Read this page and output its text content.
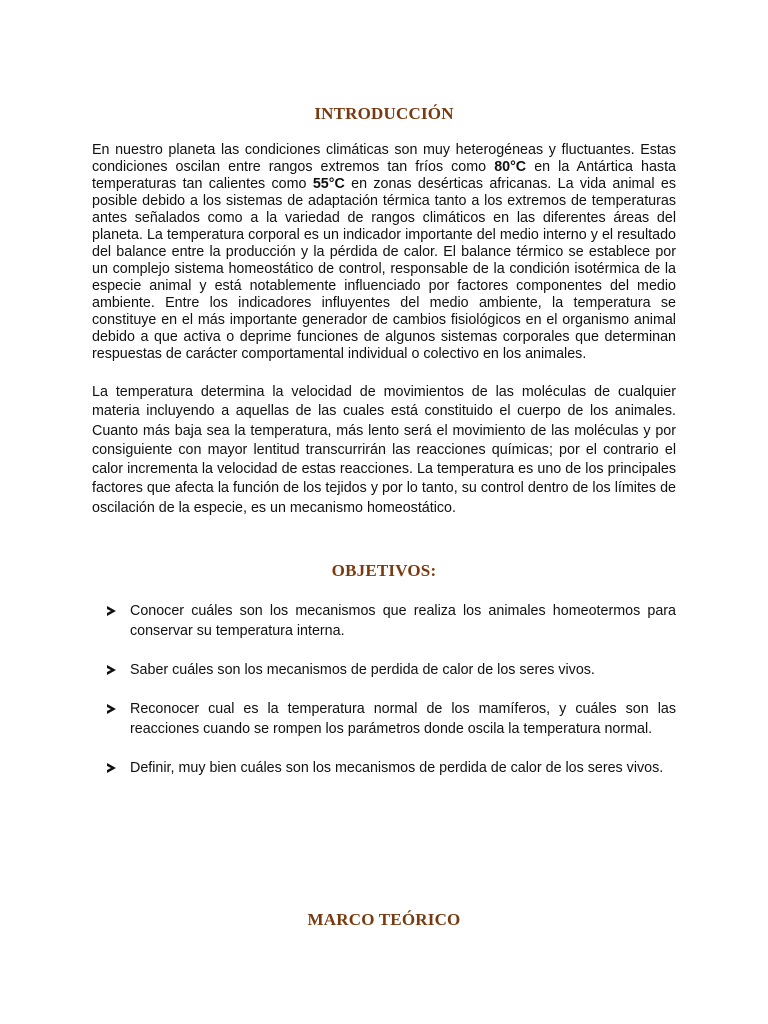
INTRODUCCIÓN

En nuestro planeta las condiciones climáticas son muy heterogéneas y fluctuantes. Estas condiciones oscilan entre rangos extremos tan fríos como 80°C en la Antártica hasta temperaturas tan calientes como 55°C en zonas desérticas africanas. La vida animal es posible debido a los sistemas de adaptación térmica tanto a los extremos de temperaturas antes señalados como a la variedad de rangos climáticos en las diferentes áreas del planeta. La temperatura corporal es un indicador importante del medio interno y el resultado del balance entre la producción y la pérdida de calor. El balance térmico se establece por un complejo sistema homeostático de control, responsable de la condición isotérmica de la especie animal y está notablemente influenciado por factores componentes del medio ambiente. Entre los indicadores influyentes del medio ambiente, la temperatura se constituye en el más importante generador de cambios fisiológicos en el organismo animal debido a que activa o deprime funciones de algunos sistemas corporales que determinan respuestas de carácter comportamental individual o colectivo en los animales.

La temperatura determina la velocidad de movimientos de las moléculas de cualquier materia incluyendo a aquellas de las cuales está constituido el cuerpo de los animales. Cuanto más baja sea la temperatura, más lento será el movimiento de las moléculas y por consiguiente con mayor lentitud transcurrirán las reacciones químicas; por el contrario el calor incrementa la velocidad de estas reacciones. La temperatura es uno de los principales factores que afecta la función de los tejidos y por lo tanto, su control dentro de los límites de oscilación de la especie, es un mecanismo homeostático.

OBJETIVOS:
Conocer cuáles son los mecanismos que realiza los animales homeotermos para conservar su temperatura interna.
Saber cuáles son los mecanismos de perdida de calor de los seres vivos.
Reconocer cual es la temperatura normal de los mamíferos, y cuáles son las reacciones cuando se rompen los parámetros donde oscila la temperatura normal.
Definir, muy bien cuáles son los mecanismos de perdida de calor de los seres vivos.
MARCO TEÓRICO
